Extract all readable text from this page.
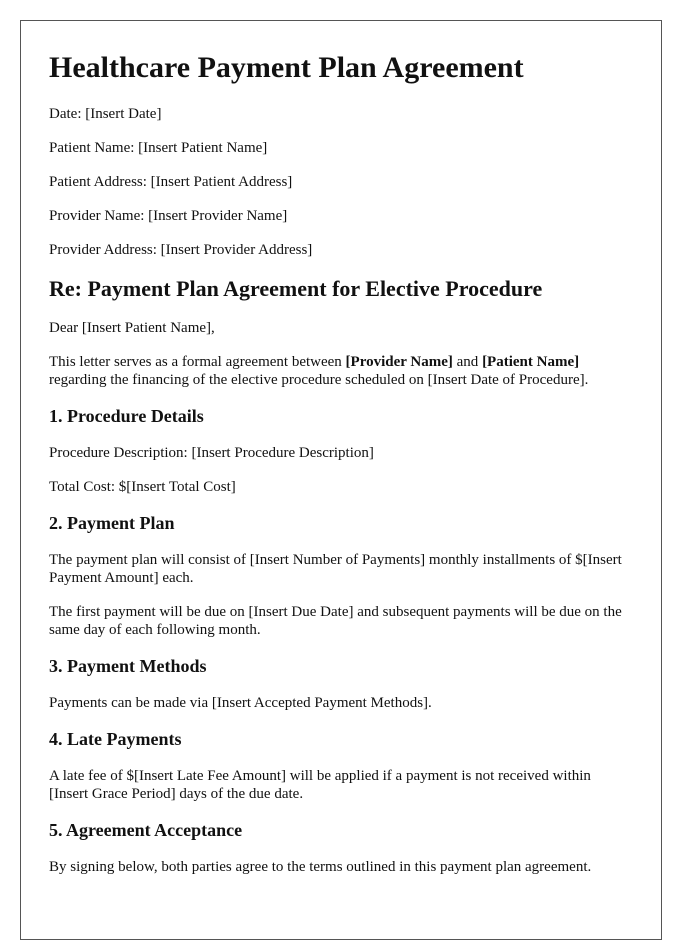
Healthcare Payment Plan Agreement

Date: [Insert Date]

Patient Name: [Insert Patient Name]

Patient Address: [Insert Patient Address]

Provider Name: [Insert Provider Name]

Provider Address: [Insert Provider Address]

Re: Payment Plan Agreement for Elective Procedure

Dear [Insert Patient Name],

This letter serves as a formal agreement between [Provider Name] and [Patient Name] regarding the financing of the elective procedure scheduled on [Insert Date of Procedure].

1. Procedure Details

Procedure Description: [Insert Procedure Description]

Total Cost: $[Insert Total Cost]

2. Payment Plan

The payment plan will consist of [Insert Number of Payments] monthly installments of $[Insert Payment Amount] each.

The first payment will be due on [Insert Due Date] and subsequent payments will be due on the same day of each following month.

3. Payment Methods

Payments can be made via [Insert Accepted Payment Methods].

4. Late Payments

A late fee of $[Insert Late Fee Amount] will be applied if a payment is not received within [Insert Grace Period] days of the due date.

5. Agreement Acceptance

By signing below, both parties agree to the terms outlined in this payment plan agreement.
